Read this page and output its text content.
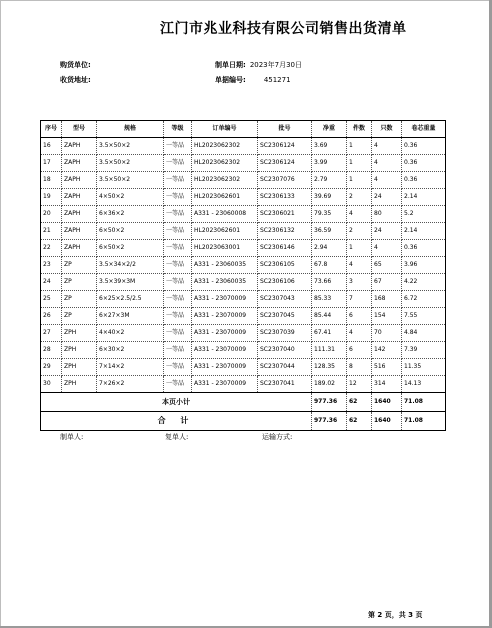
江门市兆业科技有限公司销售出货清单
购货单位:
收货地址:
制单日期: 2023年7月30日
单据编号:	451271
序号	型号	规格	等级	订单编号	批号	净重	件数	只数	卷芯重量
16	ZAPH	3.5×50×2	一等品	HL2023062302	SC2306124	3.69	1	4	0.36
17	ZAPH	3.5×50×2	一等品	HL2023062302	SC2306124	3.99	1	4	0.36
18	ZAPH	3.5×50×2	一等品	HL2023062302	SC2307076	2.79	1	4	0.36
19	ZAPH	4×50×2	一等品	HL2023062601	SC2306133	39.69	2	24	2.14
20	ZAPH	6×36×2	一等品	A331 - 23060008	SC2306021	79.35	4	80	5.2
21	ZAPH	6×50×2	一等品	HL2023062601	SC2306132	36.59	2	24	2.14
22	ZAPH	6×50×2	一等品	HL2023063001	SC2306146	2.94	1	4	0.36
23	ZP	3.5×34×2/2	一等品	A331 - 23060035	SC2306105	67.8	4	65	3.96
24	ZP	3.5×39×3M	一等品	A331 - 23060035	SC2306106	73.66	3	67	4.22
25	ZP	6×25×2.5/2.5	一等品	A331 - 23070009	SC2307043	85.33	7	168	6.72
26	ZP	6×27×3M	一等品	A331 - 23070009	SC2307045	85.44	6	154	7.55
27	ZPH	4×40×2	一等品	A331 - 23070009	SC2307039	67.41	4	70	4.84
28	ZPH	6×30×2	一等品	A331 - 23070009	SC2307040	111.31	6	142	7.39
29	ZPH	7×14×2	一等品	A331 - 23070009	SC2307044	128.35	8	516	11.35
30	ZPH	7×26×2	一等品	A331 - 23070009	SC2307041	189.02	12	314	14.13
本页小计						977.36	62	1640	71.08
合 计						977.36	62	1640	71.08
制单人:	复单人:	运输方式:
第 2 页，共 3 页
